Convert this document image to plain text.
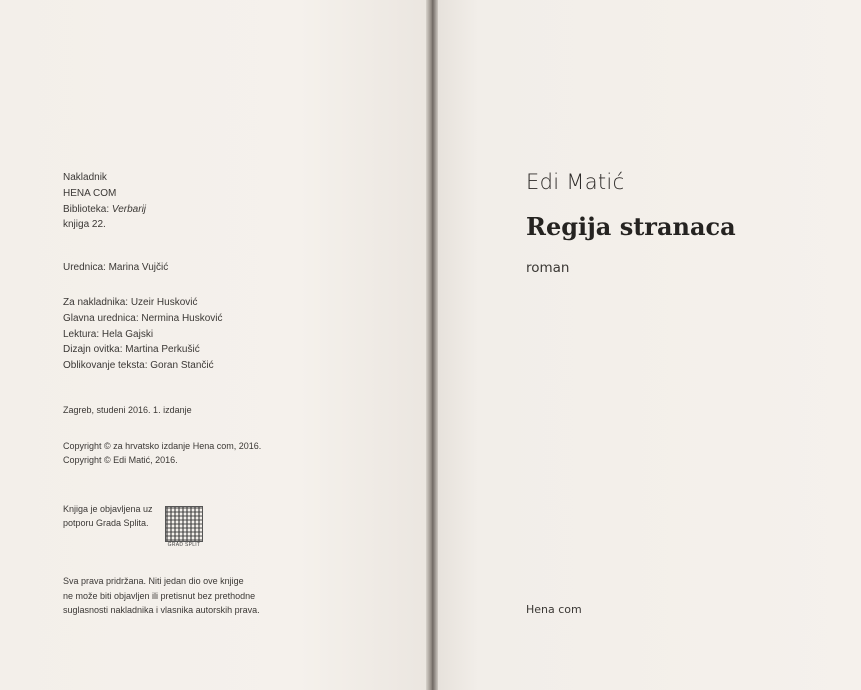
Nakladnik
HENA COM
Biblioteka: Verbarij
knjiga 22.
Urednica: Marina Vujčić
Za nakladnika: Uzeir Husković
Glavna urednica: Nermina Husković
Lektura: Hela Gajski
Dizajn ovitka: Martina Perkušić
Oblikovanje teksta: Goran Stančić
Zagreb, studeni 2016. 1. izdanje
Copyright © za hrvatsko izdanje Hena com, 2016.
Copyright © Edi Matić, 2016.
Knjiga je objavljena uz
potporu Grada Splita.
GRAD SPLIT
Sva prava pridržana. Niti jedan dio ove knjige
ne može biti objavljen ili pretisnut bez prethodne
suglasnosti nakladnika i vlasnika autorskih prava.
Edi Matić
Regija stranaca
roman
Hena com
